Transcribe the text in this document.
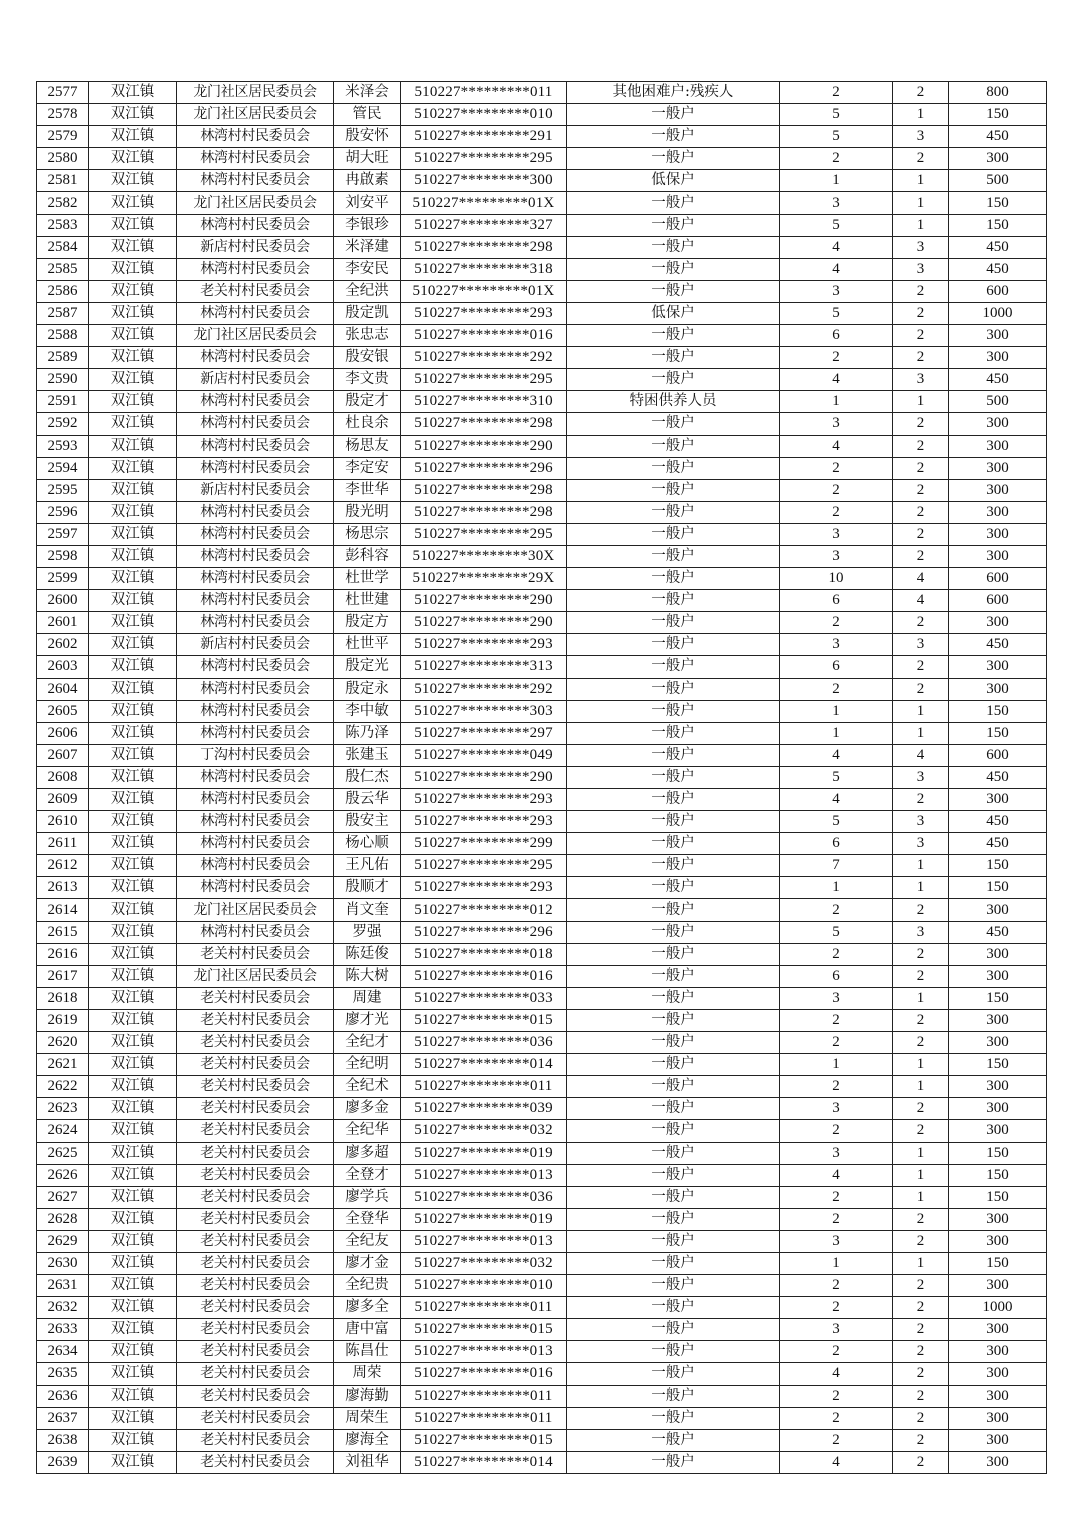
2577	双江镇	龙门社区居民委员会	米泽会	510227*********011	其他困难户:残疾人	2	2	800
2578	双江镇	龙门社区居民委员会	管民	510227*********010	一般户	5	1	150
2579	双江镇	林湾村村民委员会	殷安怀	510227*********291	一般户	5	3	450
2580	双江镇	林湾村村民委员会	胡大旺	510227*********295	一般户	2	2	300
2581	双江镇	林湾村村民委员会	冉啟素	510227*********300	低保户	1	1	500
2582	双江镇	龙门社区居民委员会	刘安平	510227*********01X	一般户	3	1	150
2583	双江镇	林湾村村民委员会	李银珍	510227*********327	一般户	5	1	150
2584	双江镇	新店村村民委员会	米泽建	510227*********298	一般户	4	3	450
2585	双江镇	林湾村村民委员会	李安民	510227*********318	一般户	4	3	450
2586	双江镇	老关村村民委员会	全纪洪	510227*********01X	一般户	3	2	600
2587	双江镇	林湾村村民委员会	殷定凯	510227*********293	低保户	5	2	1000
2588	双江镇	龙门社区居民委员会	张忠志	510227*********016	一般户	6	2	300
2589	双江镇	林湾村村民委员会	殷安银	510227*********292	一般户	2	2	300
2590	双江镇	新店村村民委员会	李文贵	510227*********295	一般户	4	3	450
2591	双江镇	林湾村村民委员会	殷定才	510227*********310	特困供养人员	1	1	500
2592	双江镇	林湾村村民委员会	杜良余	510227*********298	一般户	3	2	300
2593	双江镇	林湾村村民委员会	杨思友	510227*********290	一般户	4	2	300
2594	双江镇	林湾村村民委员会	李定安	510227*********296	一般户	2	2	300
2595	双江镇	新店村村民委员会	李世华	510227*********298	一般户	2	2	300
2596	双江镇	林湾村村民委员会	殷光明	510227*********298	一般户	2	2	300
2597	双江镇	林湾村村民委员会	杨思宗	510227*********295	一般户	3	2	300
2598	双江镇	林湾村村民委员会	彭科容	510227*********30X	一般户	3	2	300
2599	双江镇	林湾村村民委员会	杜世学	510227*********29X	一般户	10	4	600
2600	双江镇	林湾村村民委员会	杜世建	510227*********290	一般户	6	4	600
2601	双江镇	林湾村村民委员会	殷定方	510227*********290	一般户	2	2	300
2602	双江镇	新店村村民委员会	杜世平	510227*********293	一般户	3	3	450
2603	双江镇	林湾村村民委员会	殷定光	510227*********313	一般户	6	2	300
2604	双江镇	林湾村村民委员会	殷定永	510227*********292	一般户	2	2	300
2605	双江镇	林湾村村民委员会	李中敏	510227*********303	一般户	1	1	150
2606	双江镇	林湾村村民委员会	陈乃泽	510227*********297	一般户	1	1	150
2607	双江镇	丁沟村村民委员会	张建玉	510227*********049	一般户	4	4	600
2608	双江镇	林湾村村民委员会	殷仁杰	510227*********290	一般户	5	3	450
2609	双江镇	林湾村村民委员会	殷云华	510227*********293	一般户	4	2	300
2610	双江镇	林湾村村民委员会	殷安主	510227*********293	一般户	5	3	450
2611	双江镇	林湾村村民委员会	杨心顺	510227*********299	一般户	6	3	450
2612	双江镇	林湾村村民委员会	王凡佑	510227*********295	一般户	7	1	150
2613	双江镇	林湾村村民委员会	殷顺才	510227*********293	一般户	1	1	150
2614	双江镇	龙门社区居民委员会	肖文奎	510227*********012	一般户	2	2	300
2615	双江镇	林湾村村民委员会	罗强	510227*********296	一般户	5	3	450
2616	双江镇	老关村村民委员会	陈廷俊	510227*********018	一般户	2	2	300
2617	双江镇	龙门社区居民委员会	陈大树	510227*********016	一般户	6	2	300
2618	双江镇	老关村村民委员会	周建	510227*********033	一般户	3	1	150
2619	双江镇	老关村村民委员会	廖才光	510227*********015	一般户	2	2	300
2620	双江镇	老关村村民委员会	全纪才	510227*********036	一般户	2	2	300
2621	双江镇	老关村村民委员会	全纪明	510227*********014	一般户	1	1	150
2622	双江镇	老关村村民委员会	全纪术	510227*********011	一般户	2	1	300
2623	双江镇	老关村村民委员会	廖多金	510227*********039	一般户	3	2	300
2624	双江镇	老关村村民委员会	全纪华	510227*********032	一般户	2	2	300
2625	双江镇	老关村村民委员会	廖多超	510227*********019	一般户	3	1	150
2626	双江镇	老关村村民委员会	全登才	510227*********013	一般户	4	1	150
2627	双江镇	老关村村民委员会	廖学兵	510227*********036	一般户	2	1	150
2628	双江镇	老关村村民委员会	全登华	510227*********019	一般户	2	2	300
2629	双江镇	老关村村民委员会	全纪友	510227*********013	一般户	3	2	300
2630	双江镇	老关村村民委员会	廖才金	510227*********032	一般户	1	1	150
2631	双江镇	老关村村民委员会	全纪贵	510227*********010	一般户	2	2	300
2632	双江镇	老关村村民委员会	廖多全	510227*********011	一般户	2	2	1000
2633	双江镇	老关村村民委员会	唐中富	510227*********015	一般户	3	2	300
2634	双江镇	老关村村民委员会	陈昌仕	510227*********013	一般户	2	2	300
2635	双江镇	老关村村民委员会	周荣	510227*********016	一般户	4	2	300
2636	双江镇	老关村村民委员会	廖海勤	510227*********011	一般户	2	2	300
2637	双江镇	老关村村民委员会	周荣生	510227*********011	一般户	2	2	300
2638	双江镇	老关村村民委员会	廖海全	510227*********015	一般户	2	2	300
2639	双江镇	老关村村民委员会	刘祖华	510227*********014	一般户	4	2	300
